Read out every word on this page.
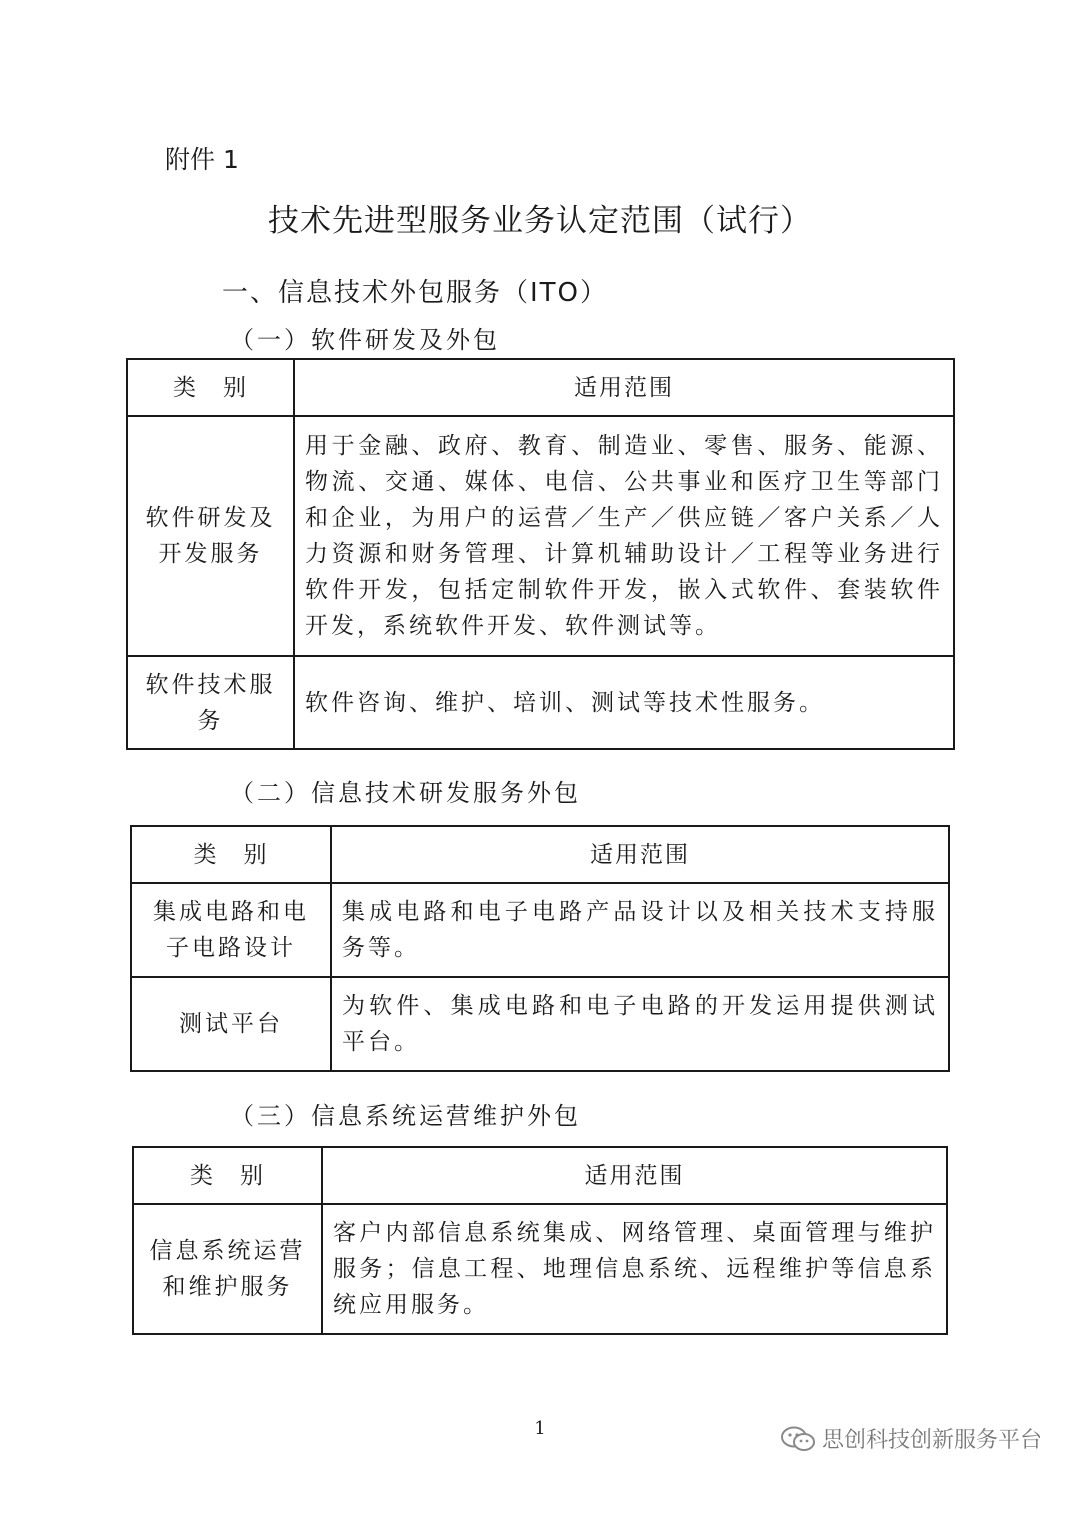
附件 1
技术先进型服务业务认定范围（试行）
一、信息技术外包服务（ITO）
（一）软件研发及外包
类　别	适用范围
软件研发及开发服务	用于金融、政府、教育、制造业、零售、服务、能源、物流、交通、媒体、电信、公共事业和医疗卫生等部门和企业，为用户的运营／生产／供应链／客户关系／人力资源和财务管理、计算机辅助设计／工程等业务进行软件开发，包括定制软件开发，嵌入式软件、套装软件开发，系统软件开发、软件测试等。
软件技术服务	软件咨询、维护、培训、测试等技术性服务。
（二）信息技术研发服务外包
类　别	适用范围
集成电路和电子电路设计	集成电路和电子电路产品设计以及相关技术支持服务等。
测试平台	为软件、集成电路和电子电路的开发运用提供测试平台。
（三）信息系统运营维护外包
类　别	适用范围
信息系统运营和维护服务	客户内部信息系统集成、网络管理、桌面管理与维护服务；信息工程、地理信息系统、远程维护等信息系统应用服务。
1	思创科技创新服务平台
